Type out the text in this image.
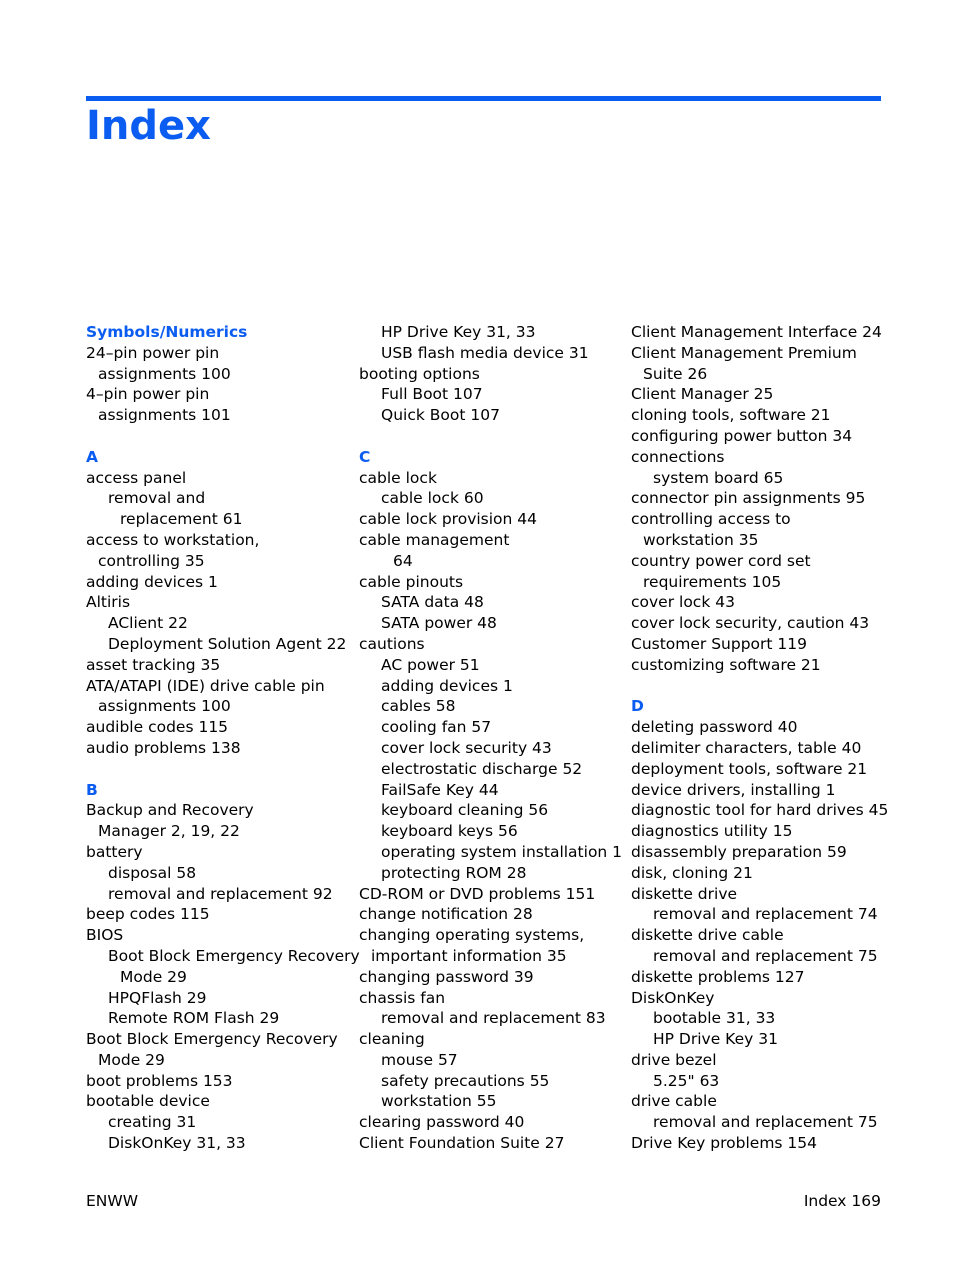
Index
Symbols/Numerics
24–pin power pin
assignments 100
4–pin power pin
assignments 101
A
access panel
removal and
replacement 61
access to workstation,
controlling 35
adding devices 1
Altiris
AClient 22
Deployment Solution Agent 22
asset tracking 35
ATA/ATAPI (IDE) drive cable pin
assignments 100
audible codes 115
audio problems 138
B
Backup and Recovery
Manager 2, 19, 22
battery
disposal 58
removal and replacement 92
beep codes 115
BIOS
Boot Block Emergency Recovery
Mode 29
HPQFlash 29
Remote ROM Flash 29
Boot Block Emergency Recovery
Mode 29
boot problems 153
bootable device
creating 31
DiskOnKey 31, 33
HP Drive Key 31, 33
USB flash media device 31
booting options
Full Boot 107
Quick Boot 107
C
cable lock
cable lock 60
cable lock provision 44
cable management
64
cable pinouts
SATA data 48
SATA power 48
cautions
AC power 51
adding devices 1
cables 58
cooling fan 57
cover lock security 43
electrostatic discharge 52
FailSafe Key 44
keyboard cleaning 56
keyboard keys 56
operating system installation 1
protecting ROM 28
CD-ROM or DVD problems 151
change notification 28
changing operating systems,
important information 35
changing password 39
chassis fan
removal and replacement 83
cleaning
mouse 57
safety precautions 55
workstation 55
clearing password 40
Client Foundation Suite 27
Client Management Interface 24
Client Management Premium
Suite 26
Client Manager 25
cloning tools, software 21
configuring power button 34
connections
system board 65
connector pin assignments 95
controlling access to
workstation 35
country power cord set
requirements 105
cover lock 43
cover lock security, caution 43
Customer Support 119
customizing software 21
D
deleting password 40
delimiter characters, table 40
deployment tools, software 21
device drivers, installing 1
diagnostic tool for hard drives 45
diagnostics utility 15
disassembly preparation 59
disk, cloning 21
diskette drive
removal and replacement 74
diskette drive cable
removal and replacement 75
diskette problems 127
DiskOnKey
bootable 31, 33
HP Drive Key 31
drive bezel
5.25" 63
drive cable
removal and replacement 75
Drive Key problems 154
ENWW	Index 169
